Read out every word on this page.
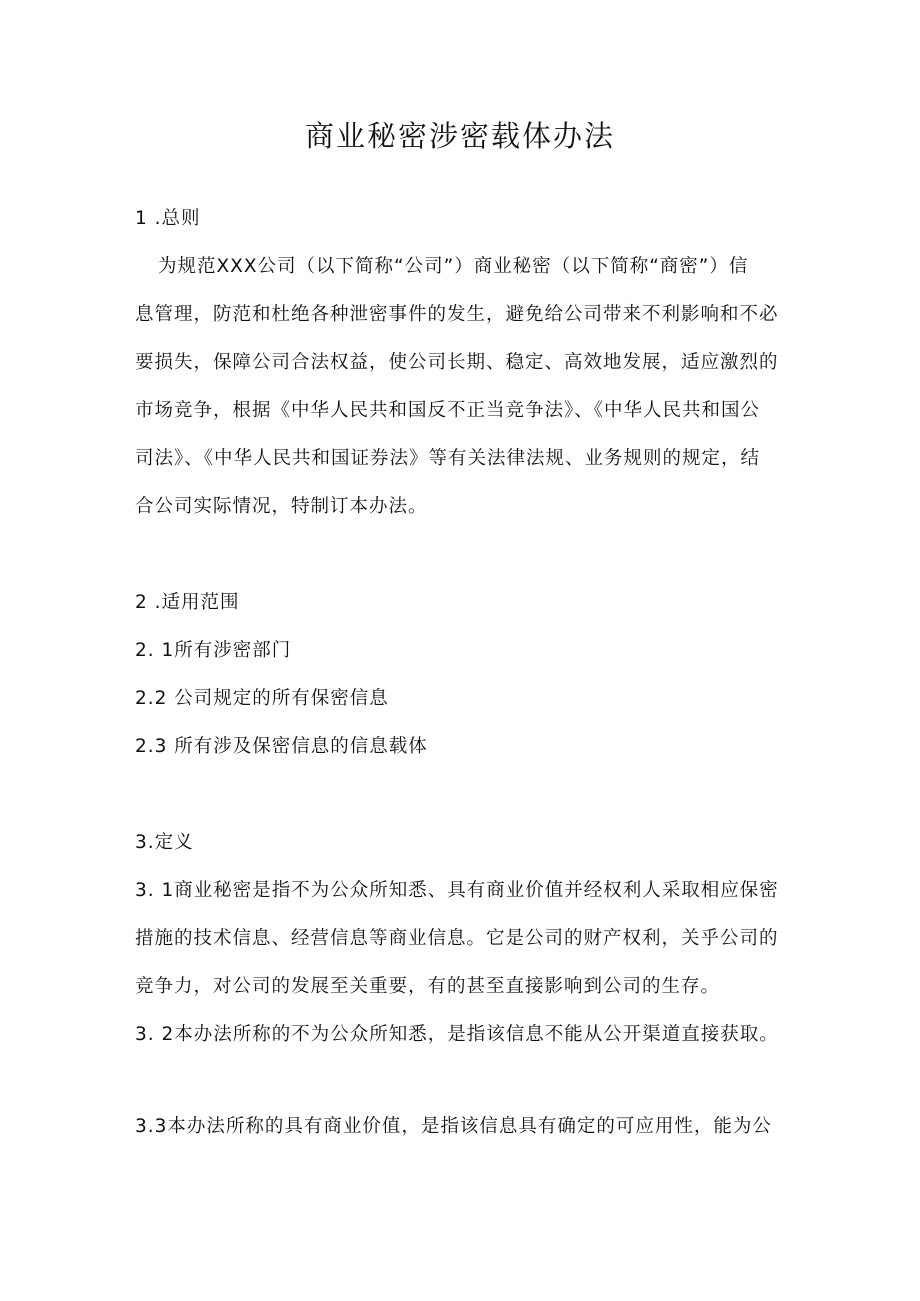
商业秘密涉密载体办法

1 .总则

为规范XXX公司（以下简称“公司”）商业秘密（以下简称“商密”）信

息管理，防范和杜绝各种泄密事件的发生，避免给公司带来不利影响和不必

要损失，保障公司合法权益，使公司长期、稳定、高效地发展，适应激烈的

市场竞争，根据《中华人民共和国反不正当竞争法》、《中华人民共和国公

司法》、《中华人民共和国证券法》等有关法律法规、业务规则的规定，结

合公司实际情况，特制订本办法。

2 .适用范围

2. 1所有涉密部门

2.2 公司规定的所有保密信息

2.3 所有涉及保密信息的信息载体

3.定义

3. 1商业秘密是指不为公众所知悉、具有商业价值并经权利人采取相应保密

措施的技术信息、经营信息等商业信息。它是公司的财产权利，关乎公司的

竞争力，对公司的发展至关重要，有的甚至直接影响到公司的生存。

3. 2本办法所称的不为公众所知悉，是指该信息不能从公开渠道直接获取。

3.3本办法所称的具有商业价值，是指该信息具有确定的可应用性，能为公
